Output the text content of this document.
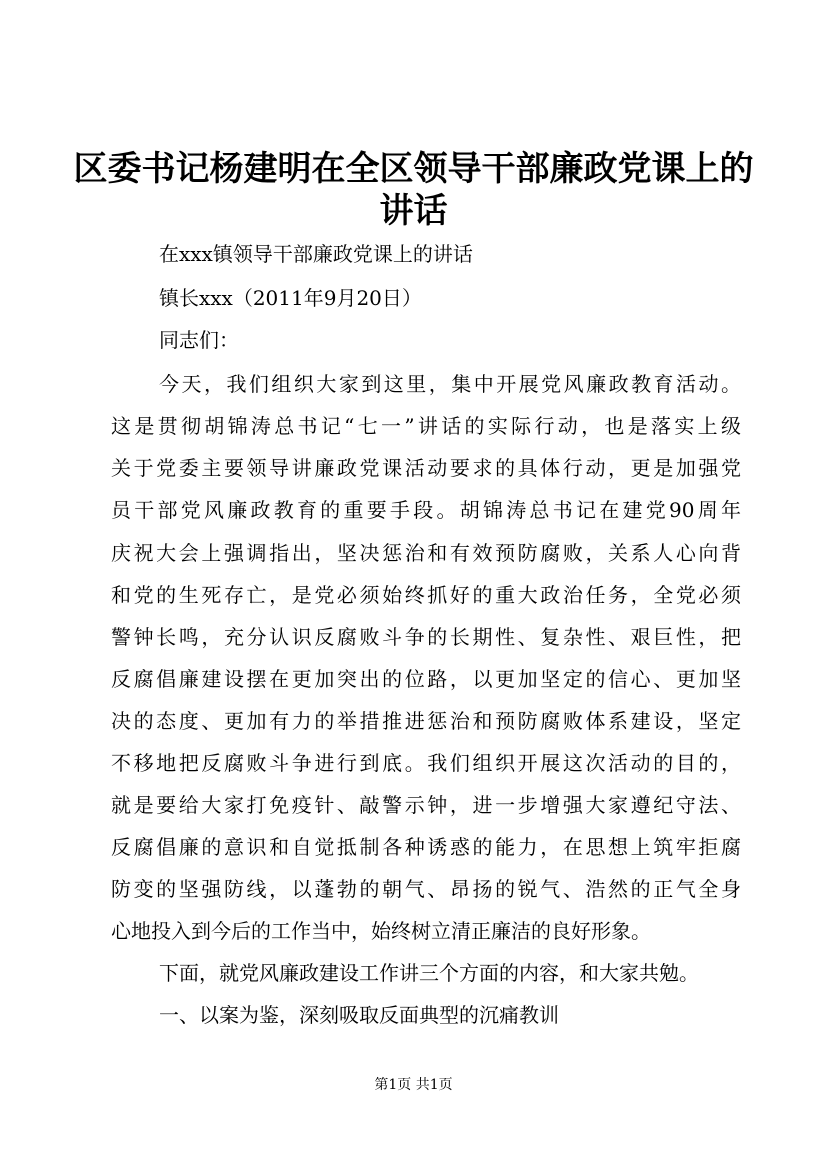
区委书记杨建明在全区领导干部廉政党课上的
讲话
在xxx镇领导干部廉政党课上的讲话
镇长xxx（2011年9月20日）
同志们：
今天，我们组织大家到这里，集中开展党风廉政教育活动。
这是贯彻胡锦涛总书记“七一”讲话的实际行动，也是落实上级
关于党委主要领导讲廉政党课活动要求的具体行动，更是加强党
员干部党风廉政教育的重要手段。胡锦涛总书记在建党90周年
庆祝大会上强调指出，坚决惩治和有效预防腐败，关系人心向背
和党的生死存亡，是党必须始终抓好的重大政治任务，全党必须
警钟长鸣，充分认识反腐败斗争的长期性、复杂性、艰巨性，把
反腐倡廉建设摆在更加突出的位路，以更加坚定的信心、更加坚
决的态度、更加有力的举措推进惩治和预防腐败体系建设，坚定
不移地把反腐败斗争进行到底。我们组织开展这次活动的目的，
就是要给大家打免疫针、敲警示钟，进一步增强大家遵纪守法、
反腐倡廉的意识和自觉抵制各种诱惑的能力，在思想上筑牢拒腐
防变的坚强防线，以蓬勃的朝气、昂扬的锐气、浩然的正气全身
心地投入到今后的工作当中，始终树立清正廉洁的良好形象。
下面，就党风廉政建设工作讲三个方面的内容，和大家共勉。
一、以案为鉴，深刻吸取反面典型的沉痛教训
第1页 共1页
